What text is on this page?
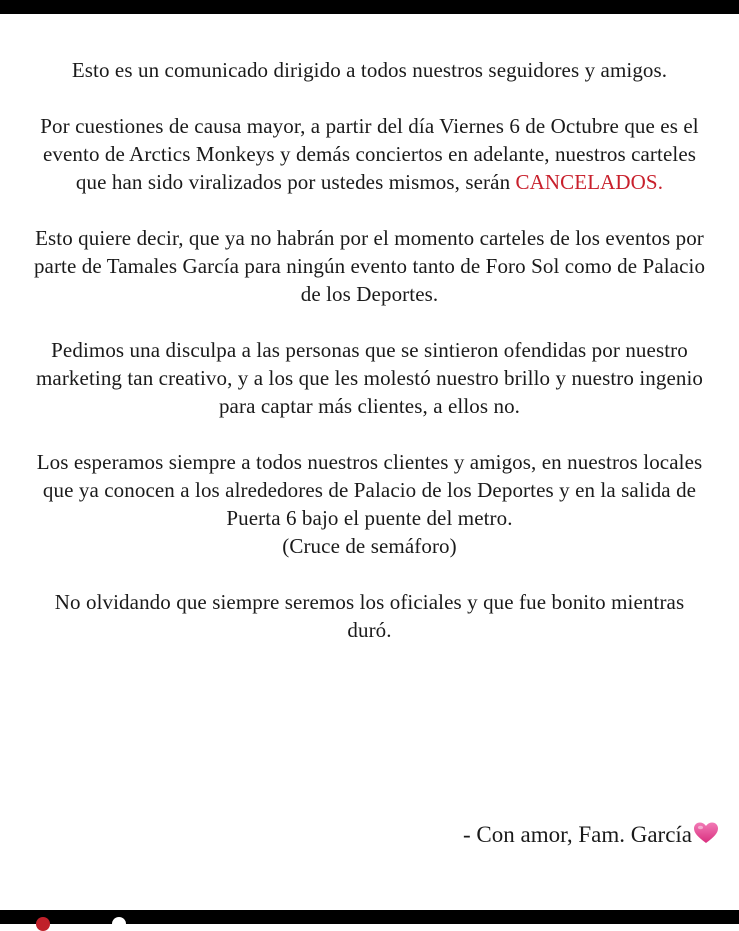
Esto es un comunicado dirigido a todos nuestros seguidores y amigos.

Por cuestiones de causa mayor, a partir del día Viernes 6 de Octubre que es el evento de Arctics Monkeys y demás conciertos en adelante, nuestros carteles que han sido viralizados por ustedes mismos, serán CANCELADOS.

Esto quiere decir, que ya no habrán por el momento carteles de los eventos por parte de Tamales García para ningún evento tanto de Foro Sol como de Palacio de los Deportes.

Pedimos una disculpa a las personas que se sintieron ofendidas por nuestro marketing tan creativo, y a los que les molestó nuestro brillo y nuestro ingenio para captar más clientes, a ellos no.

Los esperamos siempre a todos nuestros clientes y amigos, en nuestros locales que ya conocen a los alrededores de Palacio de los Deportes y en la salida de Puerta 6 bajo el puente del metro.
(Cruce de semáforo)

No olvidando que siempre seremos los oficiales y que fue bonito mientras duró.

- Con amor, Fam. García
